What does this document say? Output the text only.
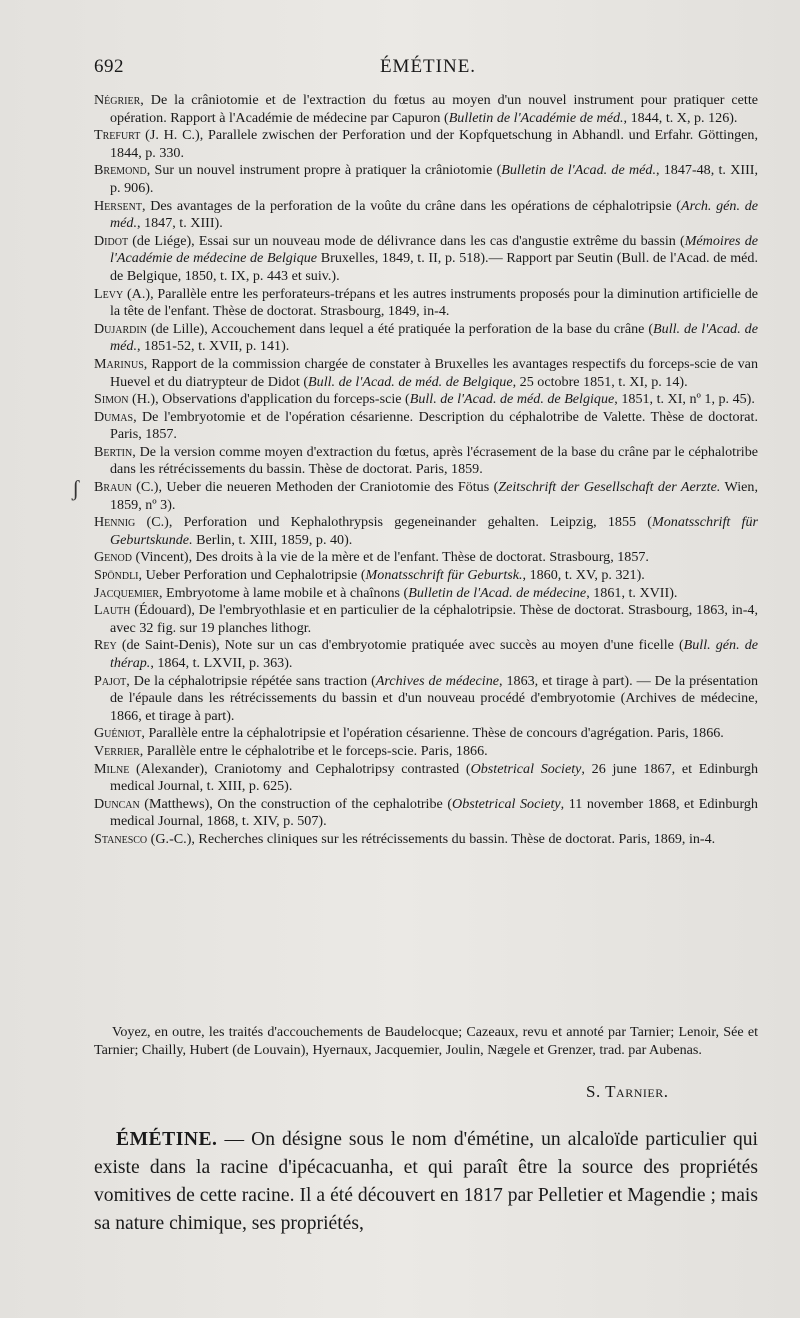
692	ÉMÉTINE.

Négrier, De la crâniotomie et de l'extraction du fœtus au moyen d'un nouvel instrument pour pratiquer cette opération. Rapport à l'Académie de médecine par Capuron (Bulletin de l'Académie de méd., 1844, t. X, p. 126).

Trefurt (J. H. C.), Parallele zwischen der Perforation und der Kopfquetschung in Abhandl. und Erfahr. Göttingen, 1844, p. 330.

Bremond, Sur un nouvel instrument propre à pratiquer la crâniotomie (Bulletin de l'Acad. de méd., 1847-48, t. XIII, p. 906).

Hersent, Des avantages de la perforation de la voûte du crâne dans les opérations de céphalotripsie (Arch. gén. de méd., 1847, t. XIII).

Didot (de Liége), Essai sur un nouveau mode de délivrance dans les cas d'angustie extrême du bassin (Mémoires de l'Académie de médecine de Belgique Bruxelles, 1849, t. II, p. 518).— Rapport par Seutin (Bull. de l'Acad. de méd. de Belgique, 1850, t. IX, p. 443 et suiv.).

Levy (A.), Parallèle entre les perforateurs-trépans et les autres instruments proposés pour la diminution artificielle de la tête de l'enfant. Thèse de doctorat. Strasbourg, 1849, in-4.

Dujardin (de Lille), Accouchement dans lequel a été pratiquée la perforation de la base du crâne (Bull. de l'Acad. de méd., 1851-52, t. XVII, p. 141).

Marinus, Rapport de la commission chargée de constater à Bruxelles les avantages respectifs du forceps-scie de van Huevel et du diatrypteur de Didot (Bull. de l'Acad. de méd. de Belgique, 25 octobre 1851, t. XI, p. 14).

Simon (H.), Observations d'application du forceps-scie (Bull. de l'Acad. de méd. de Belgique, 1851, t. XI, nº 1, p. 45).

Dumas, De l'embryotomie et de l'opération césarienne. Description du céphalotribe de Valette. Thèse de doctorat. Paris, 1857.

Bertin, De la version comme moyen d'extraction du fœtus, après l'écrasement de la base du crâne par le céphalotribe dans les rétrécissements du bassin. Thèse de doctorat. Paris, 1859.

Braun (C.), Ueber die neueren Methoden der Craniotomie des Fötus (Zeitschrift der Gesellschaft der Aerzte. Wien, 1859, nº 3).

Hennig (C.), Perforation und Kephalothrypsis gegeneinander gehalten. Leipzig, 1855 (Monatsschrift für Geburtskunde. Berlin, t. XIII, 1859, p. 40).

Genod (Vincent), Des droits à la vie de la mère et de l'enfant. Thèse de doctorat. Strasbourg, 1857.

Spöndli, Ueber Perforation und Cephalotripsie (Monatsschrift für Geburtsk., 1860, t. XV, p. 321).

Jacquemier, Embryotome à lame mobile et à chaînons (Bulletin de l'Acad. de médecine, 1861, t. XVII).

Lauth (Édouard), De l'embryothlasie et en particulier de la céphalotripsie. Thèse de doctorat. Strasbourg, 1863, in-4, avec 32 fig. sur 19 planches lithogr.

Rey (de Saint-Denis), Note sur un cas d'embryotomie pratiquée avec succès au moyen d'une ficelle (Bull. gén. de thérap., 1864, t. LXVII, p. 363).

Pajot, De la céphalotripsie répétée sans traction (Archives de médecine, 1863, et tirage à part). — De la présentation de l'épaule dans les rétrécissements du bassin et d'un nouveau procédé d'embryotomie (Archives de médecine, 1866, et tirage à part).

Guéniot, Parallèle entre la céphalotripsie et l'opération césarienne. Thèse de concours d'agrégation. Paris, 1866.

Verrier, Parallèle entre le céphalotribe et le forceps-scie. Paris, 1866.

Milne (Alexander), Craniotomy and Cephalotripsy contrasted (Obstetrical Society, 26 june 1867, et Edinburgh medical Journal, t. XIII, p. 625).

Duncan (Matthews), On the construction of the cephalotribe (Obstetrical Society, 11 november 1868, et Edinburgh medical Journal, 1868, t. XIV, p. 507).

Stanesco (G.-C.), Recherches cliniques sur les rétrécissements du bassin. Thèse de doctorat. Paris, 1869, in-4.

ʃ

Voyez, en outre, les traités d'accouchements de Baudelocque; Cazeaux, revu et annoté par Tarnier; Lenoir, Sée et Tarnier; Chailly, Hubert (de Louvain), Hyernaux, Jacquemier, Joulin, Nægele et Grenzer, trad. par Aubenas.

S. Tarnier.

ÉMÉTINE. — On désigne sous le nom d'émétine, un alcaloïde particulier qui existe dans la racine d'ipécacuanha, et qui paraît être la source des propriétés vomitives de cette racine. Il a été découvert en 1817 par Pelletier et Magendie ; mais sa nature chimique, ses propriétés,
